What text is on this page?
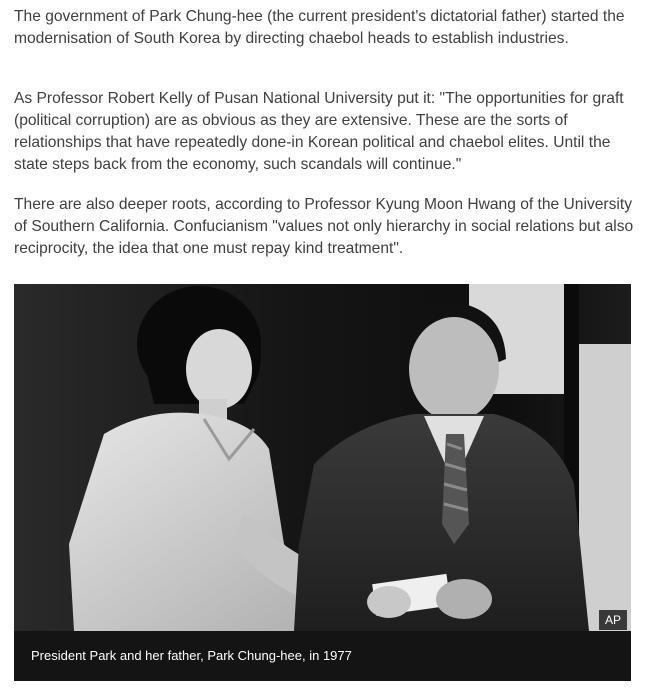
The government of Park Chung-hee (the current president's dictatorial father) started the modernisation of South Korea by directing chaebol heads to establish industries.

As Professor Robert Kelly of Pusan National University put it: "The opportunities for graft (political corruption) are as obvious as they are extensive. These are the sorts of relationships that have repeatedly done-in Korean political and chaebol elites. Until the state steps back from the economy, such scandals will continue."

There are also deeper roots, according to Professor Kyung Moon Hwang of the University of Southern California. Confucianism "values not only hierarchy in social relations but also reciprocity, the idea that one must repay kind treatment".

AP
President Park and her father, Park Chung-hee, in 1977
